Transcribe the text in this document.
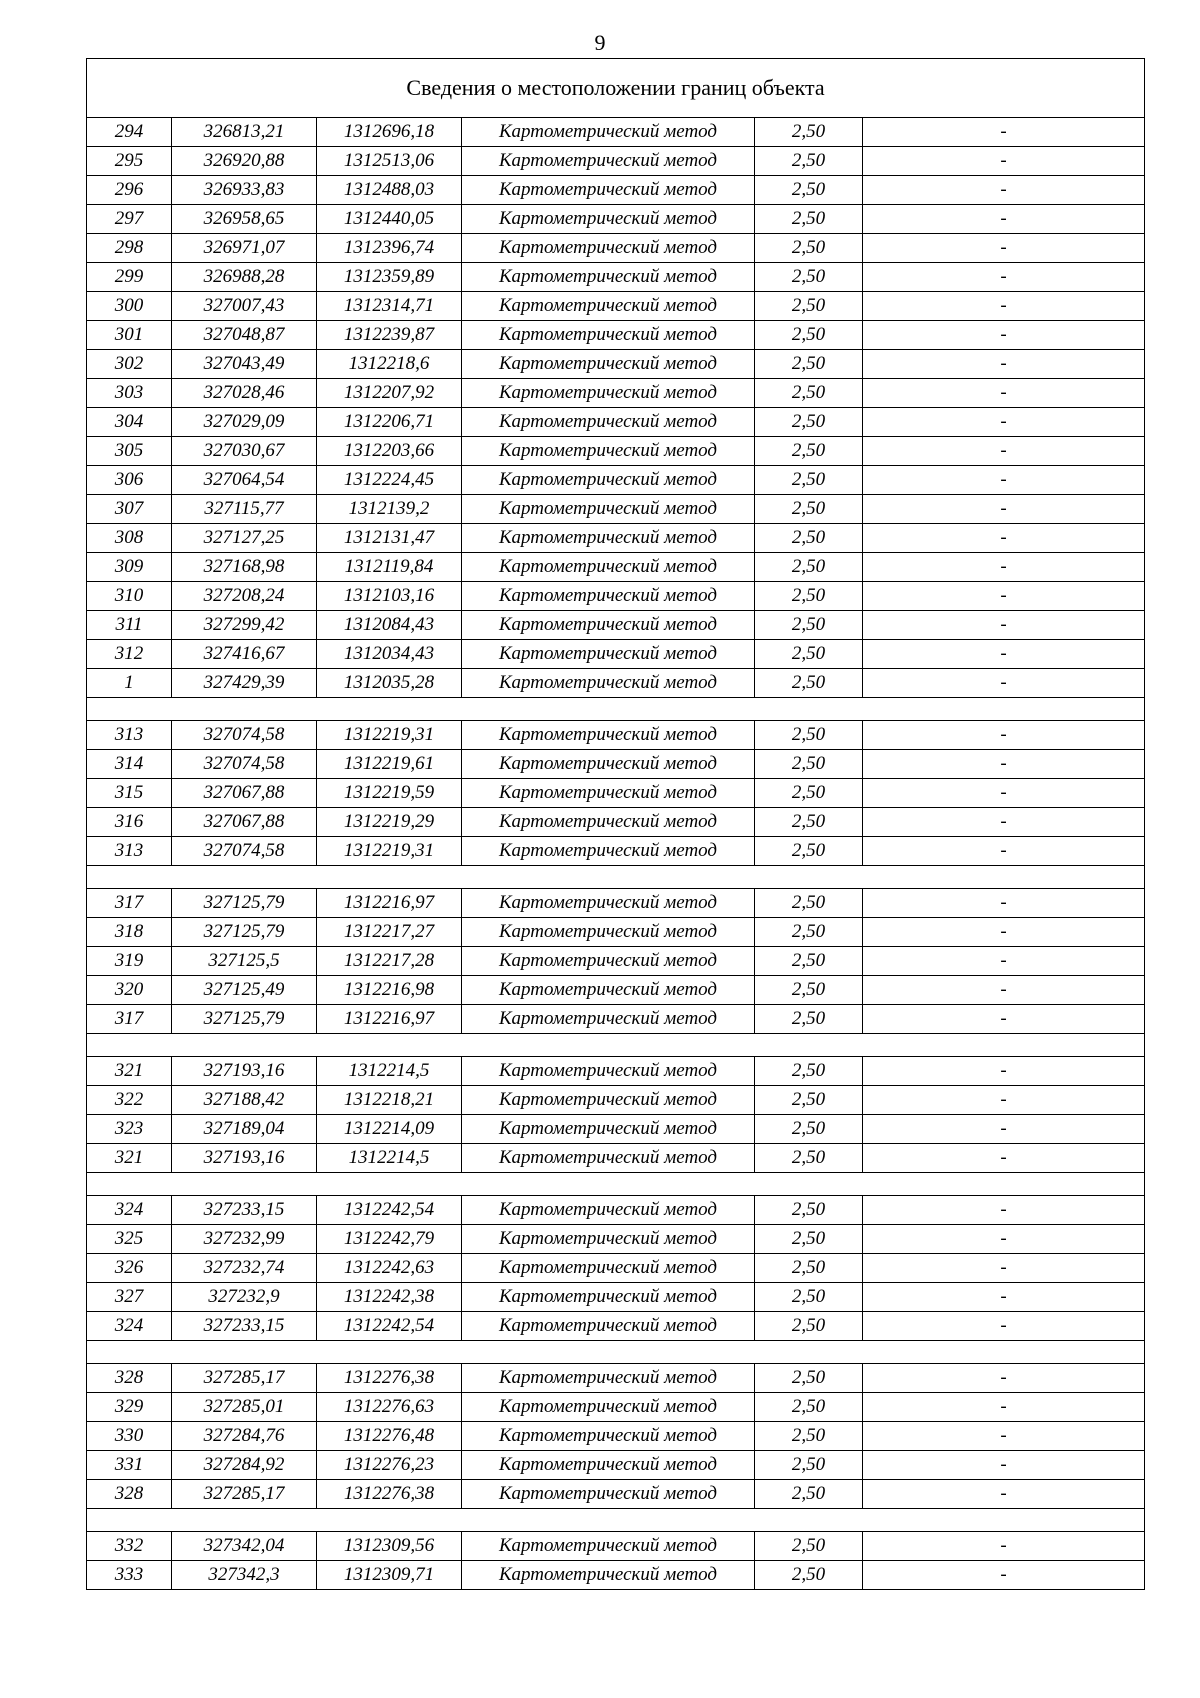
9
Сведения о местоположении границ объекта					
294	326813,21	1312696,18	Картометрический метод	2,50	-
295	326920,88	1312513,06	Картометрический метод	2,50	-
296	326933,83	1312488,03	Картометрический метод	2,50	-
297	326958,65	1312440,05	Картометрический метод	2,50	-
298	326971,07	1312396,74	Картометрический метод	2,50	-
299	326988,28	1312359,89	Картометрический метод	2,50	-
300	327007,43	1312314,71	Картометрический метод	2,50	-
301	327048,87	1312239,87	Картометрический метод	2,50	-
302	327043,49	1312218,6	Картометрический метод	2,50	-
303	327028,46	1312207,92	Картометрический метод	2,50	-
304	327029,09	1312206,71	Картометрический метод	2,50	-
305	327030,67	1312203,66	Картометрический метод	2,50	-
306	327064,54	1312224,45	Картометрический метод	2,50	-
307	327115,77	1312139,2	Картометрический метод	2,50	-
308	327127,25	1312131,47	Картометрический метод	2,50	-
309	327168,98	1312119,84	Картометрический метод	2,50	-
310	327208,24	1312103,16	Картометрический метод	2,50	-
311	327299,42	1312084,43	Картометрический метод	2,50	-
312	327416,67	1312034,43	Картометрический метод	2,50	-
1	327429,39	1312035,28	Картометрический метод	2,50	-

313	327074,58	1312219,31	Картометрический метод	2,50	-
314	327074,58	1312219,61	Картометрический метод	2,50	-
315	327067,88	1312219,59	Картометрический метод	2,50	-
316	327067,88	1312219,29	Картометрический метод	2,50	-
313	327074,58	1312219,31	Картометрический метод	2,50	-

317	327125,79	1312216,97	Картометрический метод	2,50	-
318	327125,79	1312217,27	Картометрический метод	2,50	-
319	327125,5	1312217,28	Картометрический метод	2,50	-
320	327125,49	1312216,98	Картометрический метод	2,50	-
317	327125,79	1312216,97	Картометрический метод	2,50	-

321	327193,16	1312214,5	Картометрический метод	2,50	-
322	327188,42	1312218,21	Картометрический метод	2,50	-
323	327189,04	1312214,09	Картометрический метод	2,50	-
321	327193,16	1312214,5	Картометрический метод	2,50	-

324	327233,15	1312242,54	Картометрический метод	2,50	-
325	327232,99	1312242,79	Картометрический метод	2,50	-
326	327232,74	1312242,63	Картометрический метод	2,50	-
327	327232,9	1312242,38	Картометрический метод	2,50	-
324	327233,15	1312242,54	Картометрический метод	2,50	-

328	327285,17	1312276,38	Картометрический метод	2,50	-
329	327285,01	1312276,63	Картометрический метод	2,50	-
330	327284,76	1312276,48	Картометрический метод	2,50	-
331	327284,92	1312276,23	Картометрический метод	2,50	-
328	327285,17	1312276,38	Картометрический метод	2,50	-

332	327342,04	1312309,56	Картометрический метод	2,50	-
333	327342,3	1312309,71	Картометрический метод	2,50	-
